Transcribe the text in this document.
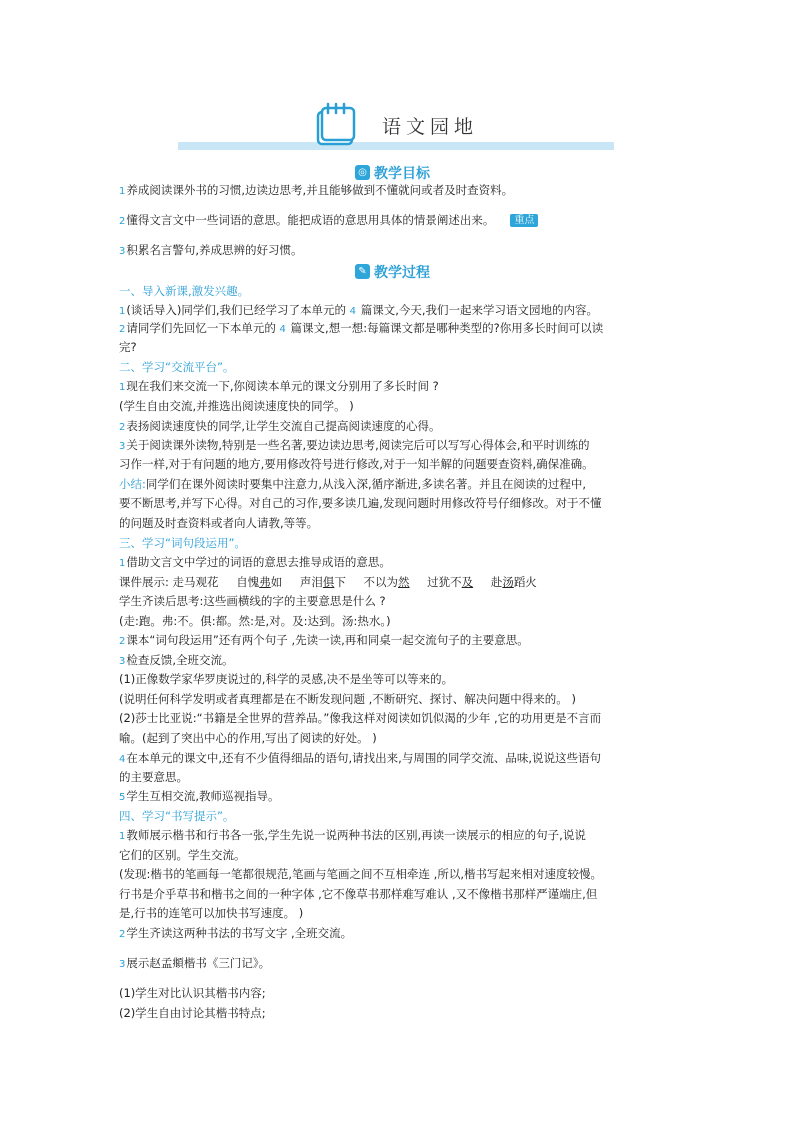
语文园地
◎ 教学目标
1养成阅读课外书的习惯,边读边思考,并且能够做到不懂就问或者及时查资料。
2懂得文言文中一些词语的意思。能把成语的意思用具体的情景阐述出来。 重点
3积累名言警句,养成思辨的好习惯。
✎ 教学过程
一、导入新课,激发兴趣。
1(谈话导入)同学们,我们已经学习了本单元的 4 篇课文,今天,我们一起来学习语文园地的内容。
2请同学们先回忆一下本单元的 4 篇课文,想一想:每篇课文都是哪种类型的?你用多长时间可以读
完?
二、学习“交流平台”。
1现在我们来交流一下,你阅读本单元的课文分别用了多长时间 ?
(学生自由交流,并推选出阅读速度快的同学。 )
2表扬阅读速度快的同学,让学生交流自己提高阅读速度的心得。
3关于阅读课外读物,特别是一些名著,要边读边思考,阅读完后可以写写心得体会,和平时训练的
习作一样,对于有问题的地方,要用修改符号进行修改,对于一知半解的问题要查资料,确保准确。
小结:同学们在课外阅读时要集中注意力,从浅入深,循序渐进,多读名著。并且在阅读的过程中,
要不断思考,并写下心得。对自己的习作,要多读几遍,发现问题时用修改符号仔细修改。对于不懂
的问题及时查资料或者向人请教,等等。
三、学习“词句段运用”。
1借助文言文中学过的词语的意思去推导成语的意思。
课件展示: 走马观花 自愧弗如 声泪俱下 不以为然 过犹不及 赴汤蹈火
学生齐读后思考:这些画横线的字的主要意思是什么 ?
(走:跑。弗:不。俱:都。然:是,对。及:达到。汤:热水。)
2课本“词句段运用”还有两个句子 ,先读一读,再和同桌一起交流句子的主要意思。
3检查反馈,全班交流。
(1)正像数学家华罗庚说过的,科学的灵感,决不是坐等可以等来的。
(说明任何科学发明或者真理都是在不断发现问题 ,不断研究、探讨、解决问题中得来的。 )
(2)莎士比亚说:“书籍是全世界的营养品。”像我这样对阅读如饥似渴的少年 ,它的功用更是不言而
喻。(起到了突出中心的作用,写出了阅读的好处。 )
4在本单元的课文中,还有不少值得细品的语句,请找出来,与周围的同学交流、品味,说说这些语句
的主要意思。
5学生互相交流,教师巡视指导。
四、学习“书写提示”。
1教师展示楷书和行书各一张,学生先说一说两种书法的区别,再读一读展示的相应的句子,说说
它们的区别。学生交流。
(发现:楷书的笔画每一笔都很规范,笔画与笔画之间不互相牵连 ,所以,楷书写起来相对速度较慢。
行书是介乎草书和楷书之间的一种字体 ,它不像草书那样难写难认 ,又不像楷书那样严谨端庄,但
是,行书的连笔可以加快书写速度。 )
2学生齐读这两种书法的书写文字 ,全班交流。
3展示赵孟頫楷书《三门记》。
(1)学生对比认识其楷书内容;
(2)学生自由讨论其楷书特点;
